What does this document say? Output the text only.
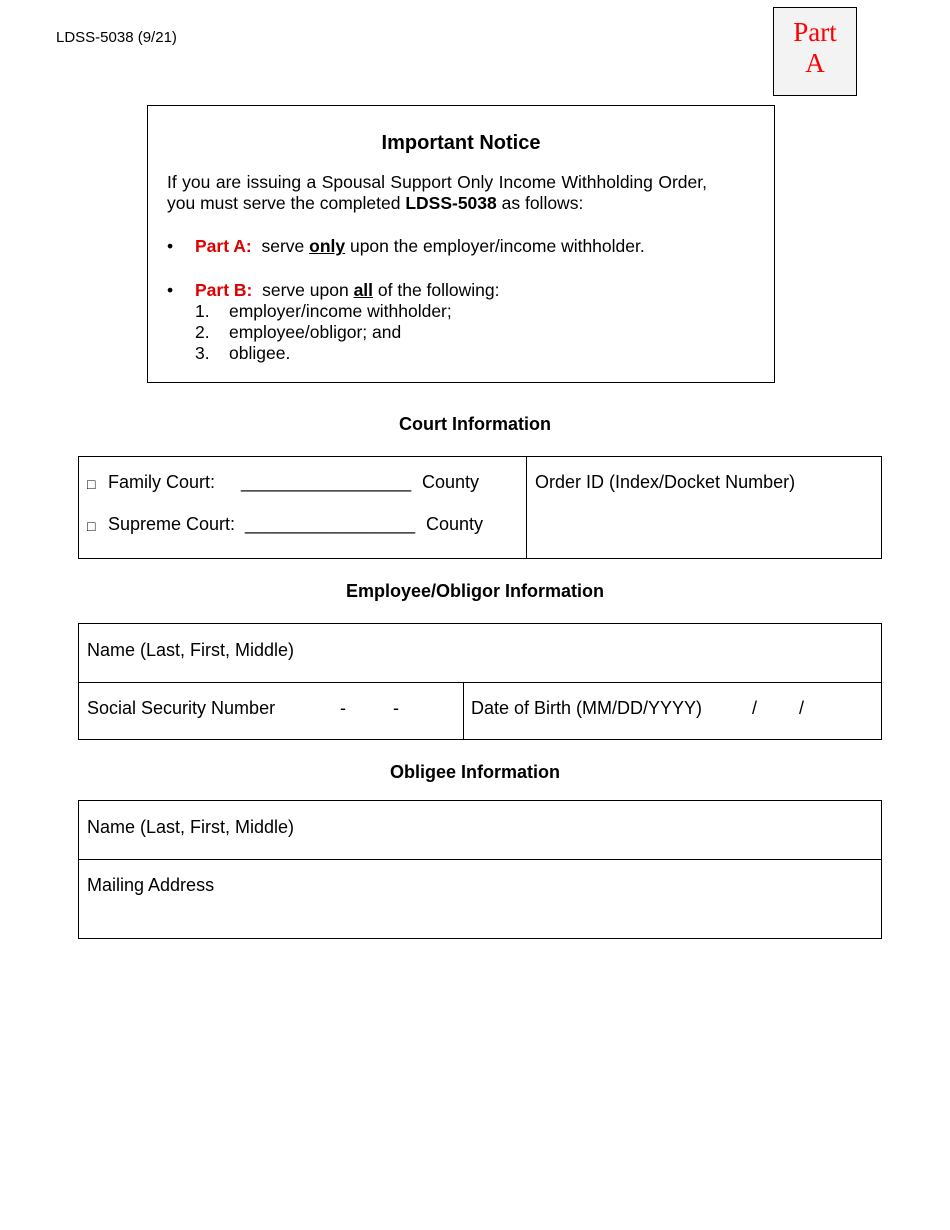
LDSS-5038 (9/21)	Part
A
Important Notice
If you are issuing a Spousal Support Only Income Withholding Order, you must serve the completed LDSS-5038 as follows:
• Part A: serve only upon the employer/income withholder.
• Part B: serve upon all of the following:
1. employer/income withholder;
2. employee/obligor; and
3. obligee.
Court Information
□ Family Court: _________________ County
□ Supreme Court: _________________ County
Order ID (Index/Docket Number)
Employee/Obligor Information
Name (Last, First, Middle)
Social Security Number	-	-	Date of Birth (MM/DD/YYYY)	/ /
Obligee Information
Name (Last, First, Middle)
Mailing Address
